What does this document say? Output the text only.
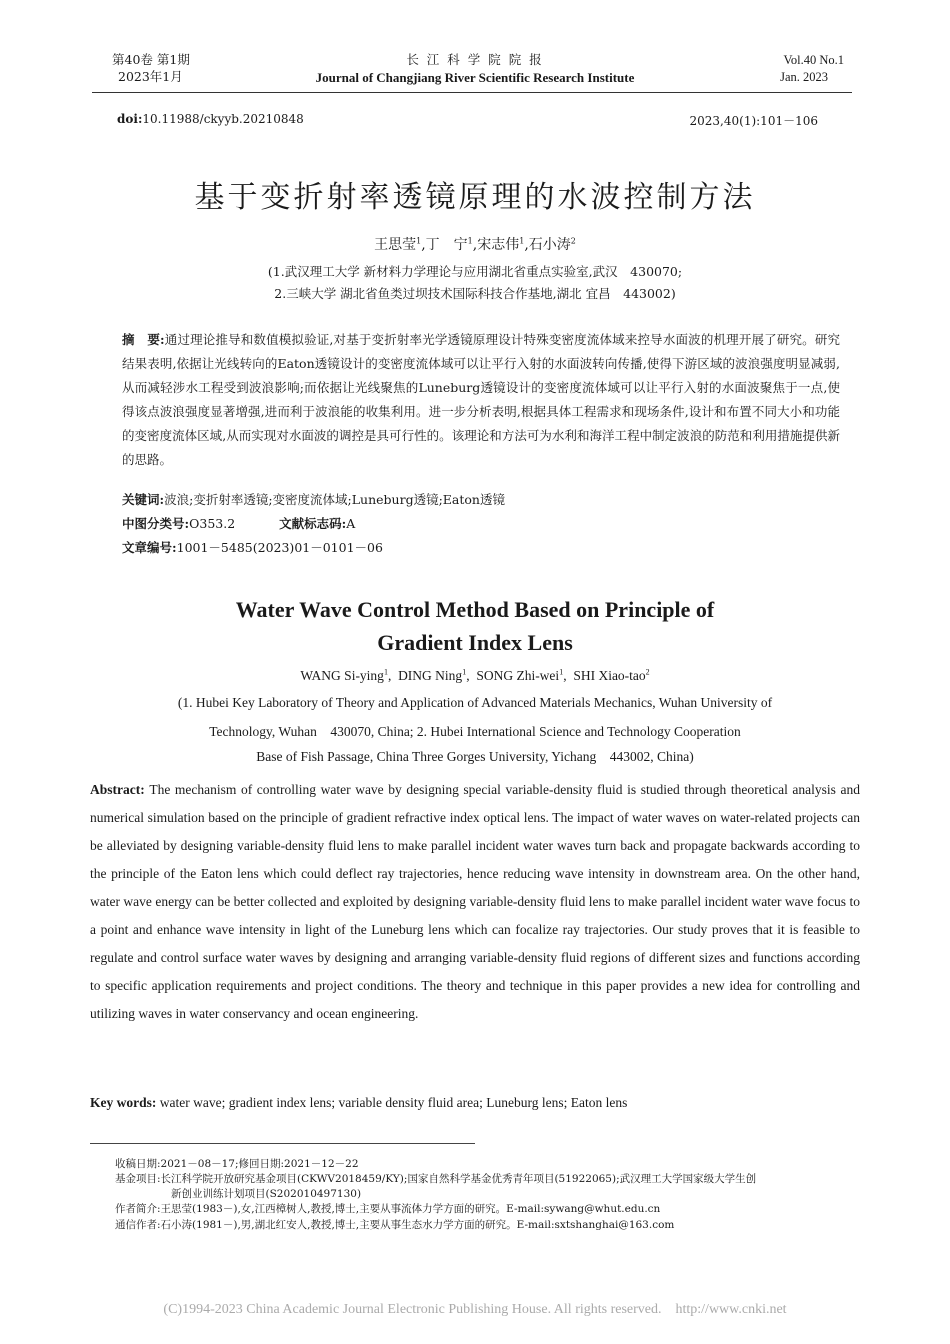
第40卷 第1期
2023年1月
长 江 科 学 院 院 报
Journal of Changjiang River Scientific Research Institute
Vol.40 No.1
Jan. 2023
doi:10.11988/ckyyb.20210848	2023,40(1):101－106
基于变折射率透镜原理的水波控制方法
王思莹$^1$,丁　宁$^1$,宋志伟$^1$,石小涛$^2$
(1.武汉理工大学 新材料力学理论与应用湖北省重点实验室,武汉　430070;
2.三峡大学 湖北省鱼类过坝技术国际科技合作基地,湖北 宜昌　443002)
摘　要:通过理论推导和数值模拟验证,对基于变折射率光学透镜原理设计特殊变密度流体域来控导水面波的机理开展了研究。研究结果表明,依据让光线转向的Eaton透镜设计的变密度流体域可以让平行入射的水面波转向传播,使得下游区域的波浪强度明显减弱,从而减轻涉水工程受到波浪影响;而依据让光线聚焦的Luneburg透镜设计的变密度流体域可以让平行入射的水面波聚焦于一点,使得该点波浪强度显著增强,进而利于波浪能的收集利用。进一步分析表明,根据具体工程需求和现场条件,设计和布置不同大小和功能的变密度流体区域,从而实现对水面波的调控是具可行性的。该理论和方法可为水利和海洋工程中制定波浪的防范和利用措施提供新的思路。
关键词:波浪;变折射率透镜;变密度流体域;Luneburg透镜;Eaton透镜
中图分类号:O353.2	文献标志码:A
文章编号:1001－5485(2023)01－0101－06
Water Wave Control Method Based on Principle of
Gradient Index Lens
WANG Si-ying$^1$,  DING Ning$^1$,  SONG Zhi-wei$^1$,  SHI Xiao-tao$^2$
(1. Hubei Key Laboratory of Theory and Application of Advanced Materials Mechanics, Wuhan University of
Technology, Wuhan　430070, China; 2. Hubei International Science and Technology Cooperation
Base of Fish Passage, China Three Gorges University, Yichang　443002, China)
Abstract: The mechanism of controlling water wave by designing special variable-density fluid is studied through theoretical analysis and numerical simulation based on the principle of gradient refractive index optical lens. The impact of water waves on water-related projects can be alleviated by designing variable-density fluid lens to make parallel incident water waves turn back and propagate backwards according to the principle of the Eaton lens which could deflect ray trajectories, hence reducing wave intensity in downstream area. On the other hand, water wave energy can be better collected and exploited by designing variable-density fluid lens to make parallel incident water wave focus to a point and enhance wave intensity in light of the Luneburg lens which can focalize ray trajectories. Our study proves that it is feasible to regulate and control surface water waves by designing and arranging variable-density fluid regions of different sizes and functions according to specific application requirements and project conditions. The theory and technique in this paper provides a new idea for controlling and utilizing waves in water conservancy and ocean engineering.
Key words: water wave; gradient index lens; variable density fluid area; Luneburg lens; Eaton lens
收稿日期:2021－08－17;修回日期:2021－12－22
基金项目:长江科学院开放研究基金项目(CKWV2018459/KY);国家自然科学基金优秀青年项目(51922065);武汉理工大学国家级大学生创
新创业训练计划项目(S202010497130)
作者简介:王思莹(1983－),女,江西樟树人,教授,博士,主要从事流体力学方面的研究。E-mail:sywang@whut.edu.cn
通信作者:石小涛(1981－),男,湖北红安人,教授,博士,主要从事生态水力学方面的研究。E-mail:sxtshanghai@163.com
(C)1994-2023 China Academic Journal Electronic Publishing House. All rights reserved.　http://www.cnki.net
